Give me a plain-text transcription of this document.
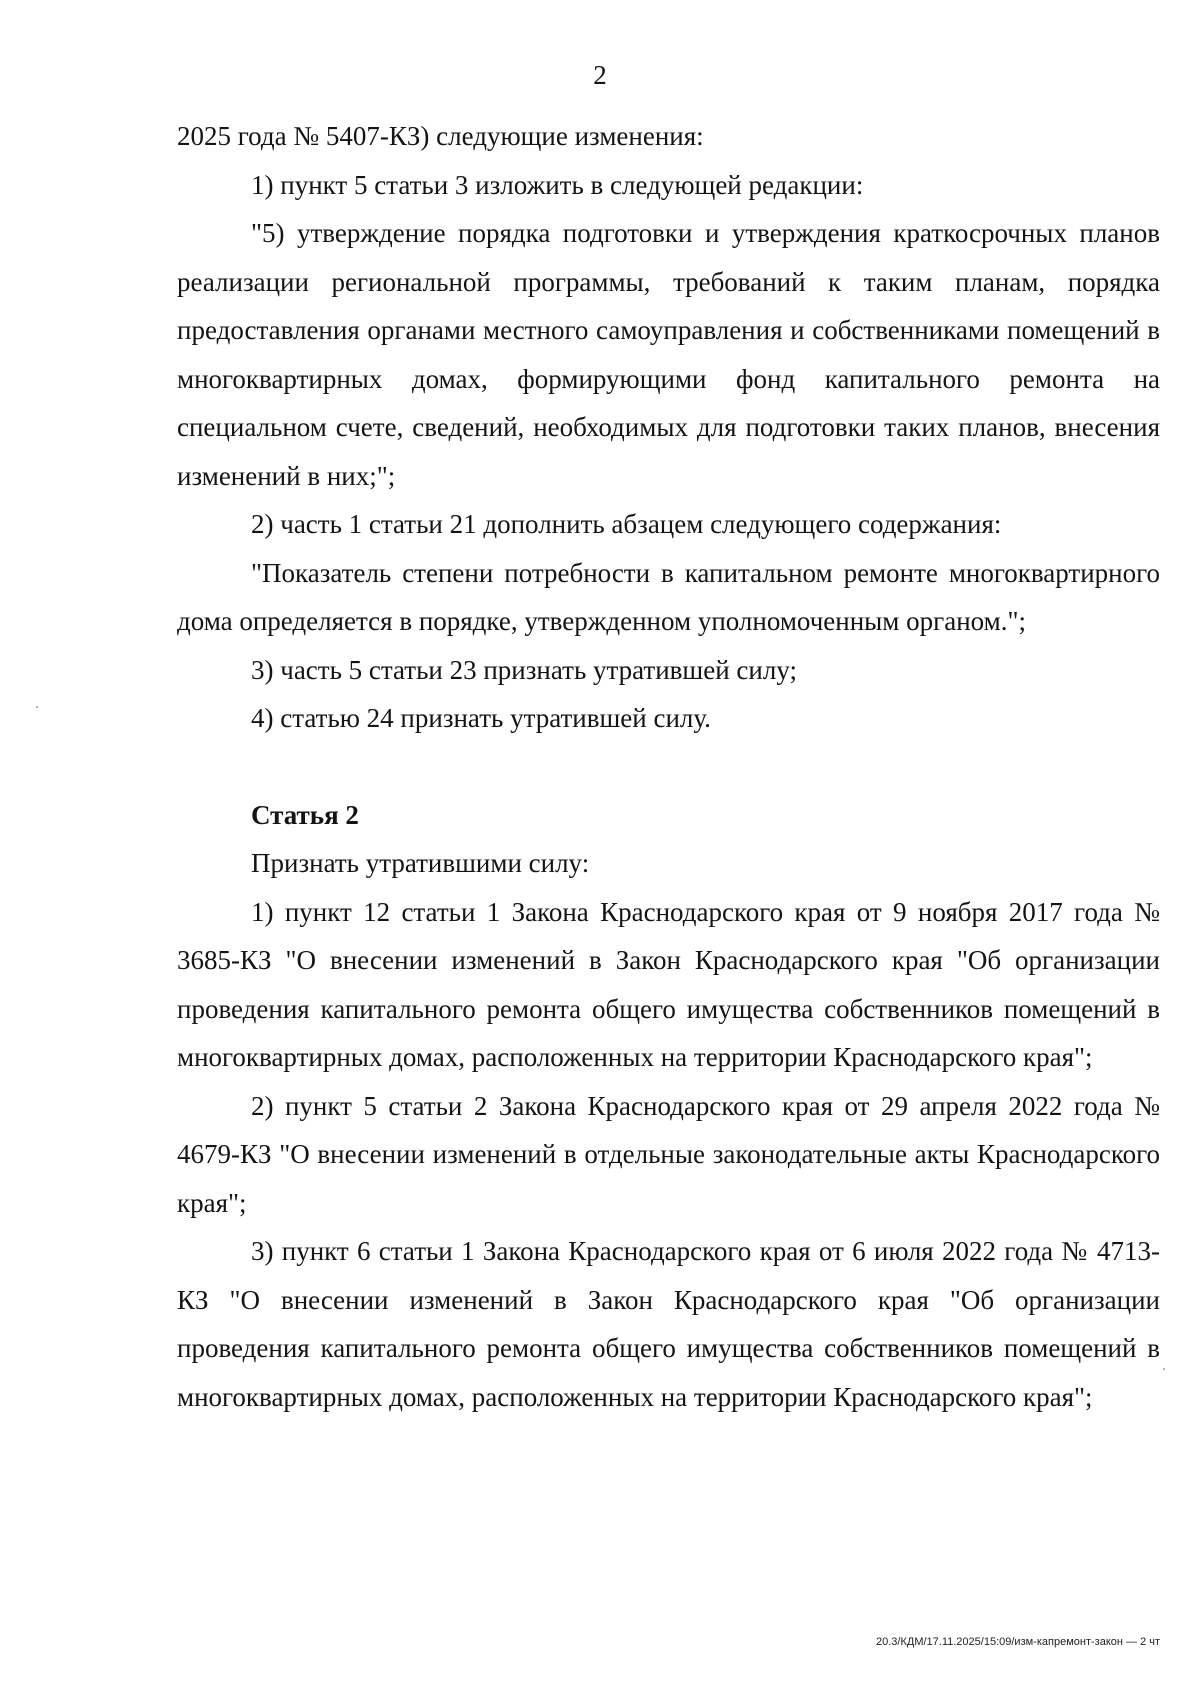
2

2025 года № 5407-КЗ) следующие изменения:

1) пункт 5 статьи 3 изложить в следующей редакции:

"5) утверждение порядка подготовки и утверждения краткосрочных планов реализации региональной программы, требований к таким планам, порядка предоставления органами местного самоуправления и собственниками помещений в многоквартирных домах, формирующими фонд капитального ремонта на специальном счете, сведений, необходимых для подготовки таких планов, внесения изменений в них;";

2) часть 1 статьи 21 дополнить абзацем следующего содержания:

"Показатель степени потребности в капитальном ремонте многоквартирного дома определяется в порядке, утвержденном уполномоченным органом.";

3) часть 5 статьи 23 признать утратившей силу;

4) статью 24 признать утратившей силу.

Статья 2

Признать утратившими силу:

1) пункт 12 статьи 1 Закона Краснодарского края от 9 ноября 2017 года № 3685-КЗ "О внесении изменений в Закон Краснодарского края "Об организации проведения капитального ремонта общего имущества собственников помещений в многоквартирных домах, расположенных на территории Краснодарского края";

2) пункт 5 статьи 2 Закона Краснодарского края от 29 апреля 2022 года № 4679-КЗ "О внесении изменений в отдельные законодательные акты Краснодарского края";

3) пункт 6 статьи 1 Закона Краснодарского края от 6 июля 2022 года № 4713-КЗ "О внесении изменений в Закон Краснодарского края "Об организации проведения капитального ремонта общего имущества собственников помещений в многоквартирных домах, расположенных на территории Краснодарского края";

20.3/КДМ/17.11.2025/15:09/изм-капремонт-закон — 2 чт
